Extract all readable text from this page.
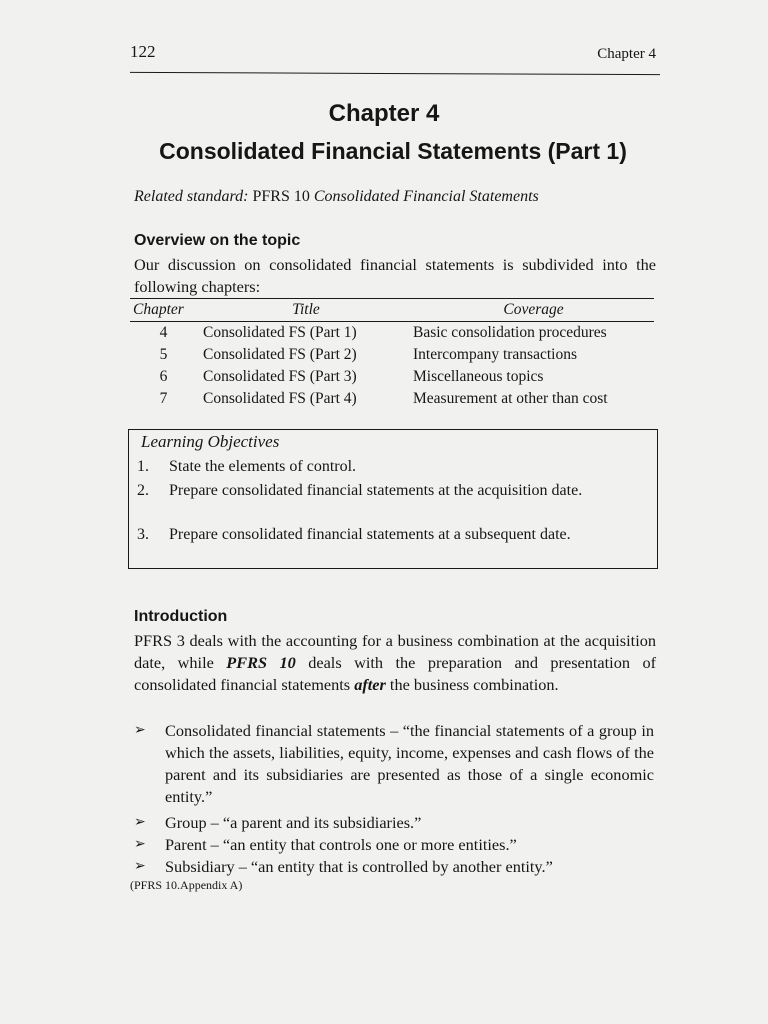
122	Chapter 4
Chapter 4
Consolidated Financial Statements (Part 1)
Related standard: PFRS 10 Consolidated Financial Statements
Overview on the topic
Our discussion on consolidated financial statements is subdivided into the following chapters:
Chapter	Title	Coverage
4	Consolidated FS (Part 1)	Basic consolidation procedures
5	Consolidated FS (Part 2)	Intercompany transactions
6	Consolidated FS (Part 3)	Miscellaneous topics
7	Consolidated FS (Part 4)	Measurement at other than cost
Learning Objectives
1. State the elements of control.
2. Prepare consolidated financial statements at the acquisition date.
3. Prepare consolidated financial statements at a subsequent date.
Introduction
PFRS 3 deals with the accounting for a business combination at the acquisition date, while PFRS 10 deals with the preparation and presentation of consolidated financial statements after the business combination.
➢ Consolidated financial statements – “the financial statements of a group in which the assets, liabilities, equity, income, expenses and cash flows of the parent and its subsidiaries are presented as those of a single economic entity.”
➢ Group – “a parent and its subsidiaries.”
➢ Parent – “an entity that controls one or more entities.”
➢ Subsidiary – “an entity that is controlled by another entity.”
(PFRS 10.Appendix A)
